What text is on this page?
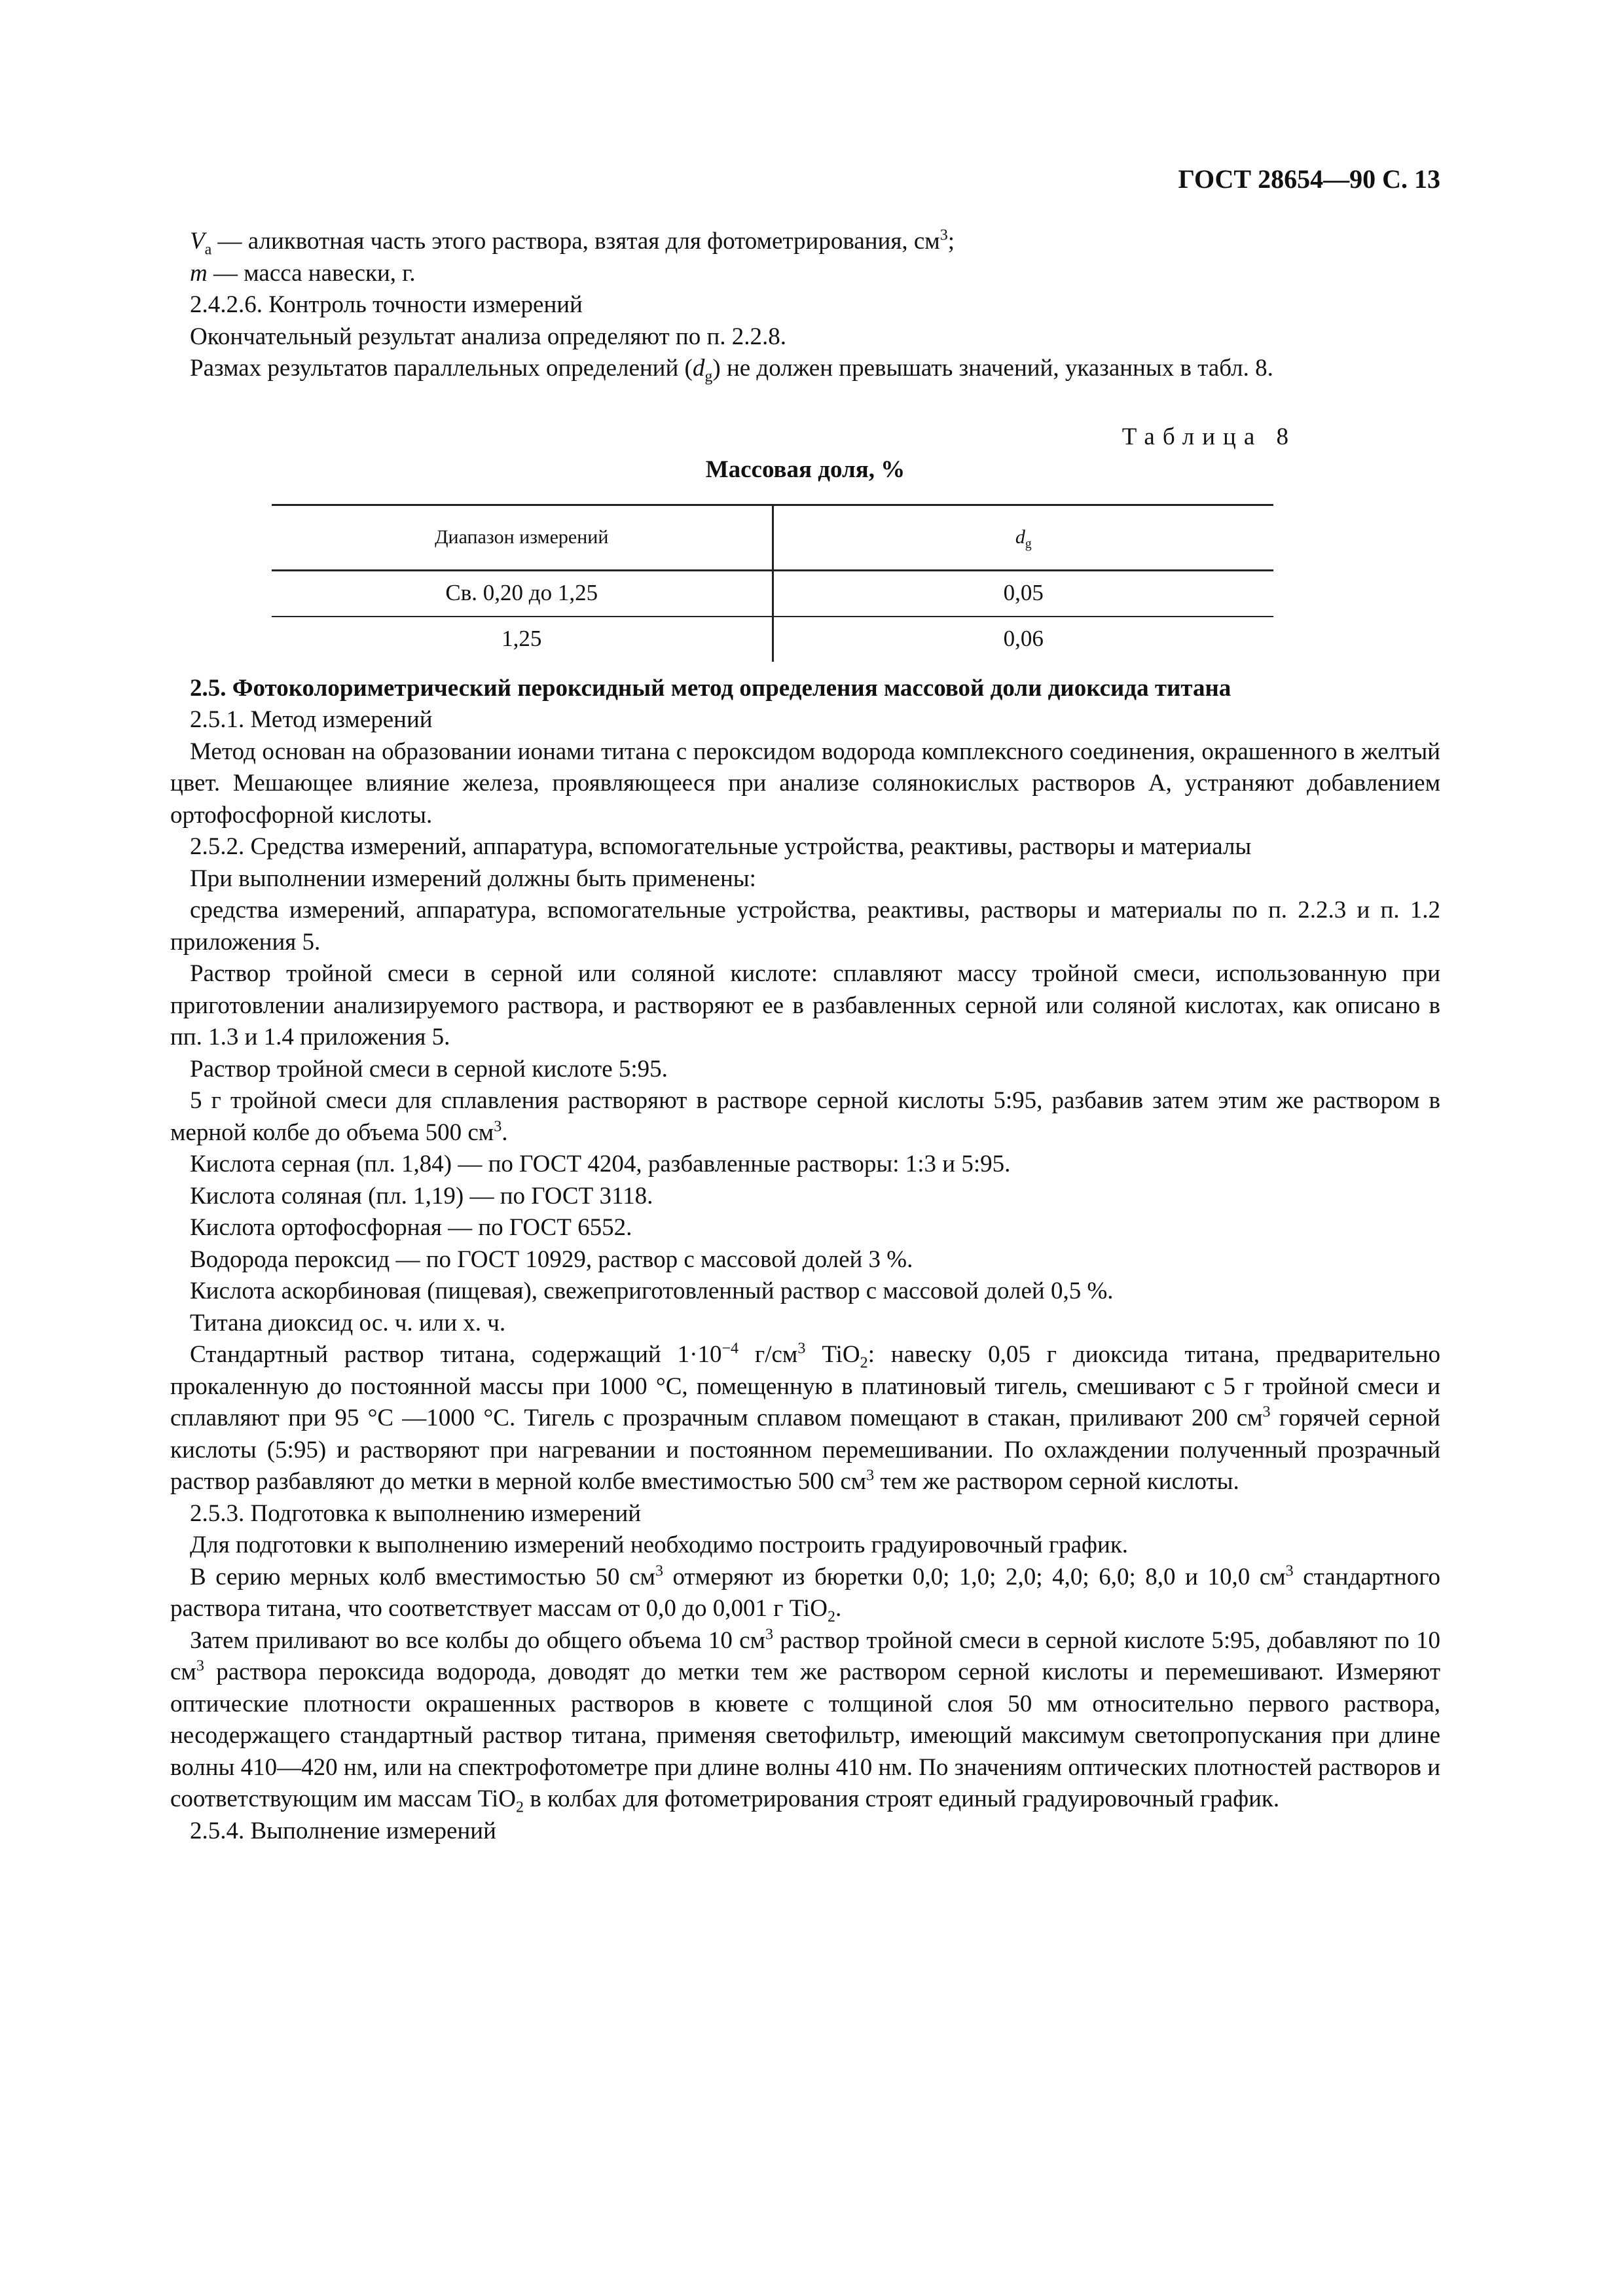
ГОСТ 28654—90 С. 13

$V_a$ — аликвотная часть этого раствора, взятая для фотометрирования, $см^3$;

m — масса навески, г.

2.4.2.6. Контроль точности измерений

Окончательный результат анализа определяют по п. 2.2.8.

Размах результатов параллельных определений $(d_g)$ не должен превышать значений, указанных в табл. 8.

Таблица 8
Массовая доля, %
Диапазон измерений	$d_g$
Св. 0,20 до 1,25	0,05
1,25	0,06

2.5. Фотоколориметрический пероксидный метод определения массовой доли диоксида титана

2.5.1. Метод измерений

Метод основан на образовании ионами титана с пероксидом водорода комплексного соединения, окрашенного в желтый цвет. Мешающее влияние железа, проявляющееся при анализе солянокислых растворов А, устраняют добавлением ортофосфорной кислоты.

2.5.2. Средства измерений, аппаратура, вспомогательные устройства, реактивы, растворы и материалы

При выполнении измерений должны быть применены:

средства измерений, аппаратура, вспомогательные устройства, реактивы, растворы и материалы по п. 2.2.3 и п. 1.2 приложения 5.

Раствор тройной смеси в серной или соляной кислоте: сплавляют массу тройной смеси, использованную при приготовлении анализируемого раствора, и растворяют ее в разбавленных серной или соляной кислотах, как описано в пп. 1.3 и 1.4 приложения 5.

Раствор тройной смеси в серной кислоте 5:95.

5 г тройной смеси для сплавления растворяют в растворе серной кислоты 5:95, разбавив затем этим же раствором в мерной колбе до объема 500 $см^3$.

Кислота серная (пл. 1,84) — по ГОСТ 4204, разбавленные растворы: 1:3 и 5:95.

Кислота соляная (пл. 1,19) — по ГОСТ 3118.

Кислота ортофосфорная — по ГОСТ 6552.

Водорода пероксид — по ГОСТ 10929, раствор с массовой долей 3 %.

Кислота аскорбиновая (пищевая), свежеприготовленный раствор с массовой долей 0,5 %.

Титана диоксид ос. ч. или х. ч.

Стандартный раствор титана, содержащий $1\cdot 10^{-4}$ $г/см^3$ TiO$_2$: навеску 0,05 г диоксида титана, предварительно прокаленную до постоянной массы при 1000 °С, помещенную в платиновый тигель, смешивают с 5 г тройной смеси и сплавляют при 95 °С —1000 °С. Тигель с прозрачным сплавом помещают в стакан, приливают 200 $см^3$ горячей серной кислоты (5:95) и растворяют при нагревании и постоянном перемешивании. По охлаждении полученный прозрачный раствор разбавляют до метки в мерной колбе вместимостью 500 $см^3$ тем же раствором серной кислоты.

2.5.3. Подготовка к выполнению измерений

Для подготовки к выполнению измерений необходимо построить градуировочный график.

В серию мерных колб вместимостью 50 $см^3$ отмеряют из бюретки 0,0; 1,0; 2,0; 4,0; 6,0; 8,0 и 10,0 $см^3$ стандартного раствора титана, что соответствует массам от 0,0 до 0,001 г TiO$_2$.

Затем приливают во все колбы до общего объема 10 $см^3$ раствор тройной смеси в серной кислоте 5:95, добавляют по 10 $см^3$ раствора пероксида водорода, доводят до метки тем же раствором серной кислоты и перемешивают. Измеряют оптические плотности окрашенных растворов в кювете с толщиной слоя 50 мм относительно первого раствора, несодержащего стандартный раствор титана, применяя светофильтр, имеющий максимум светопропускания при длине волны 410—420 нм, или на спектрофотометре при длине волны 410 нм. По значениям оптических плотностей растворов и соответствующим им массам TiO$_2$ в колбах для фотометрирования строят единый градуировочный график.

2.5.4. Выполнение измерений
